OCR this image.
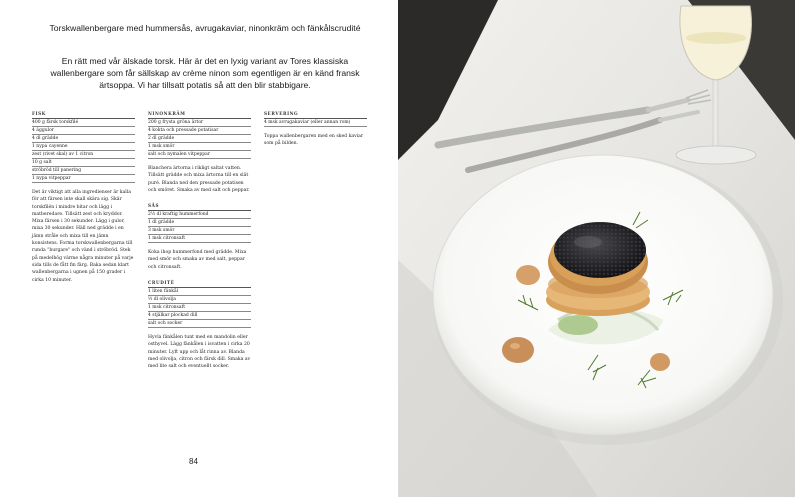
Torskwallenbergare med hummersås, avrugakaviar, ninonkräm och fänkålscrudité
En rätt med vår älskade torsk. Här är det en lyxig variant av Tores klassiska wallenbergare som får sällskap av crème ninon som egentligen är en känd fransk ärtsoppa. Vi har tillsatt potatis så att den blir stabbigare.
FISK
400 g färsk torskfilé
4 äggulor
4 dl grädde
1 nypa cayenne
zest (rivet skal) av 1 citron
10 g salt
ströbröd till panering
1 nypa vitpeppar
Det är viktigt att alla ingredienser är kalla för att färsen inte skall skära sig. Skär torskfilén i mindre bitar och lägg i matberedare. Tillsätt zest och kryddor. Mixa färsen i 30 sekunder. Lägg i gulor, mixa 30 sekunder. Häll ned grädde i en jämn stråle och mixa till en jämn konsistens. Forma torskwallenbergarna till runda "burgare" och vänd i ströbröd. Stek på medelhög värme några minuter på varje sida tills de fått fin färg. Baka sedan klart wallenbergarna i ugnen på 150 grader i cirka 10 minuter.
NINONKRÄM
200 g frysta gröna ärtor
4 kokta och pressade potatisar
2 dl grädde
1 msk smör
salt och nymalen vitpeppar
Blanchera ärtorna i rikligt saltat vatten. Tillsätt grädde och mixa ärtorna till en slät puré. Blanda ned den pressade potatisen och smöret. Smaka av med salt och peppar.
SÅS
2½ dl kraftig hummerfond
1 dl grädde
3 msk smör
1 msk citronsaft
Koka ihop hummerfond med grädde. Mixa med smör och smaka av med salt, peppar och citronsaft.
CRUDITÉ
1 liten fänkål
½ dl olivolja
1 msk citronsaft
4 stjälkar plockad dill
salt och socker
Hyvla fänkålen tunt med en mandolin eller osthyvel. Lägg fänkålen i isvatten i cirka 20 minuter. Lyft upp och låt rinna av. Blanda med olivolja, citron och färsk dill. Smaka av med lite salt och eventuellt socker.
SERVERING
4 msk avrugakaviar (eller annan rom)
Toppa wallenbergaren med en sked kaviar som på bilden.
84
